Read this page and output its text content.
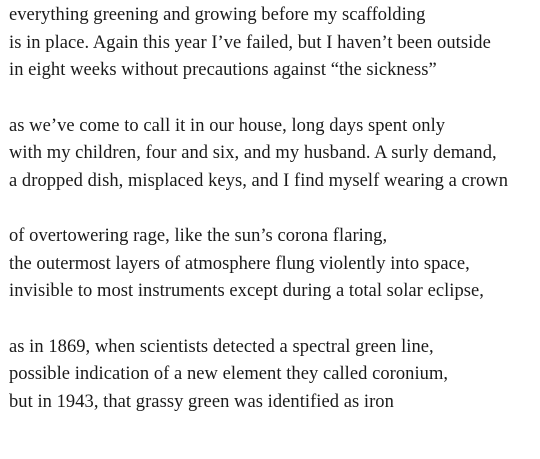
everything greening and growing before my scaffolding
is in place. Again this year I’ve failed, but I haven’t been outside
in eight weeks without precautions against “the sickness”
as we’ve come to call it in our house, long days spent only
with my children, four and six, and my husband. A surly demand,
a dropped dish, misplaced keys, and I find myself wearing a crown
of overtowering rage, like the sun’s corona flaring,
the outermost layers of atmosphere flung violently into space,
invisible to most instruments except during a total solar eclipse,
as in 1869, when scientists detected a spectral green line,
possible indication of a new element they called coronium,
but in 1943, that grassy green was identified as iron
